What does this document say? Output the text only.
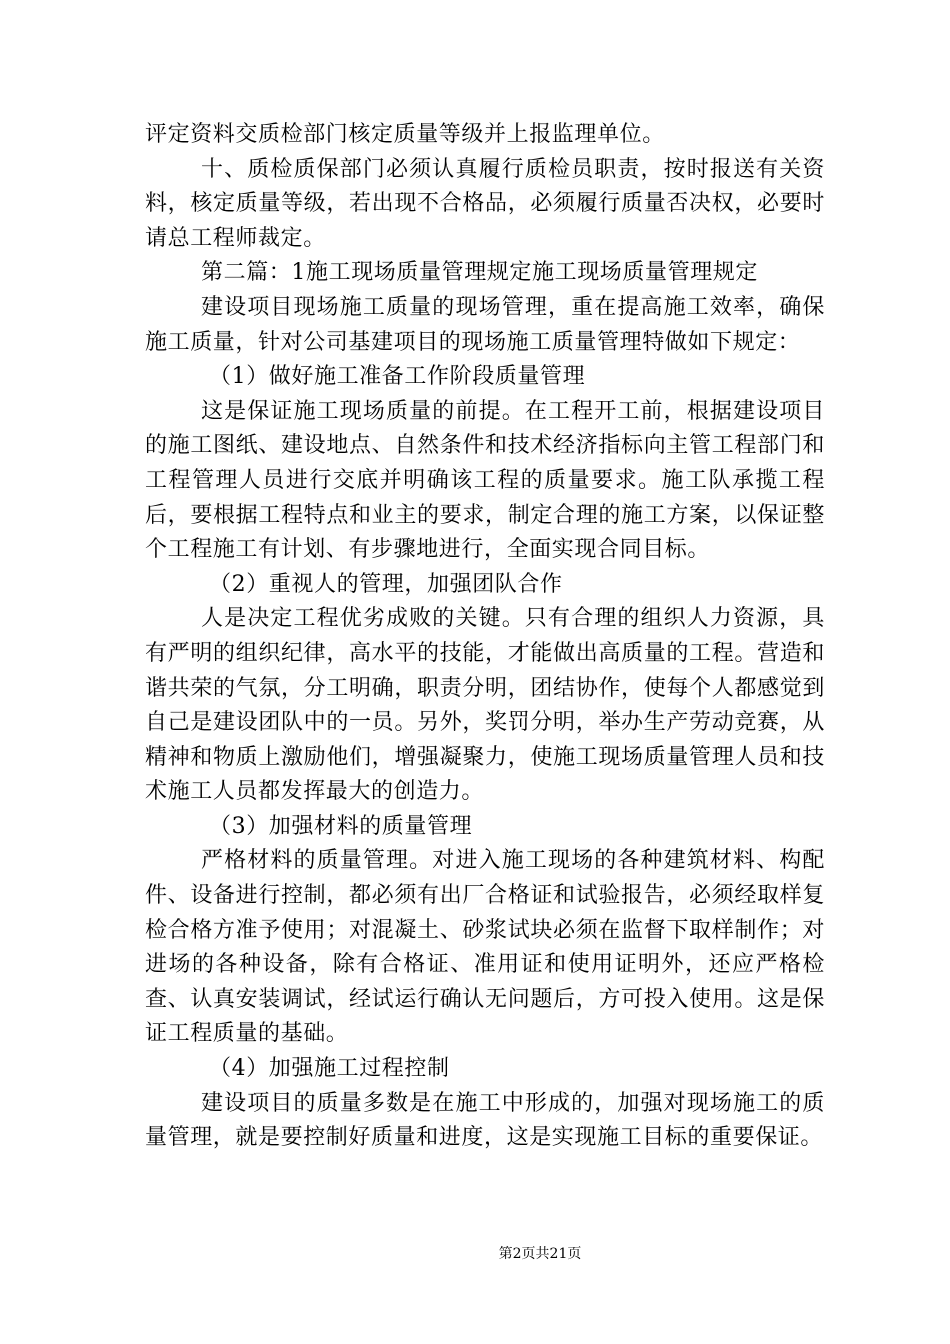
评定资料交质检部门核定质量等级并上报监理单位。

十、质检质保部门必须认真履行质检员职责，按时报送有关资料，核定质量等级，若出现不合格品，必须履行质量否决权，必要时请总工程师裁定。

第二篇：1施工现场质量管理规定施工现场质量管理规定

建设项目现场施工质量的现场管理，重在提高施工效率，确保施工质量，针对公司基建项目的现场施工质量管理特做如下规定：

（1）做好施工准备工作阶段质量管理

这是保证施工现场质量的前提。在工程开工前，根据建设项目的施工图纸、建设地点、自然条件和技术经济指标向主管工程部门和工程管理人员进行交底并明确该工程的质量要求。施工队承揽工程后，要根据工程特点和业主的要求，制定合理的施工方案，以保证整个工程施工有计划、有步骤地进行，全面实现合同目标。

（2）重视人的管理，加强团队合作

人是决定工程优劣成败的关键。只有合理的组织人力资源，具有严明的组织纪律，高水平的技能，才能做出高质量的工程。营造和谐共荣的气氛，分工明确，职责分明，团结协作，使每个人都感觉到自己是建设团队中的一员。另外，奖罚分明，举办生产劳动竞赛，从精神和物质上激励他们，增强凝聚力，使施工现场质量管理人员和技术施工人员都发挥最大的创造力。

（3）加强材料的质量管理

严格材料的质量管理。对进入施工现场的各种建筑材料、构配件、设备进行控制，都必须有出厂合格证和试验报告，必须经取样复检合格方准予使用；对混凝土、砂浆试块必须在监督下取样制作；对进场的各种设备，除有合格证、准用证和使用证明外，还应严格检查、认真安装调试，经试运行确认无问题后，方可投入使用。这是保证工程质量的基础。

（4）加强施工过程控制

建设项目的质量多数是在施工中形成的，加强对现场施工的质量管理，就是要控制好质量和进度，这是实现施工目标的重要保证。

第2页共21页
